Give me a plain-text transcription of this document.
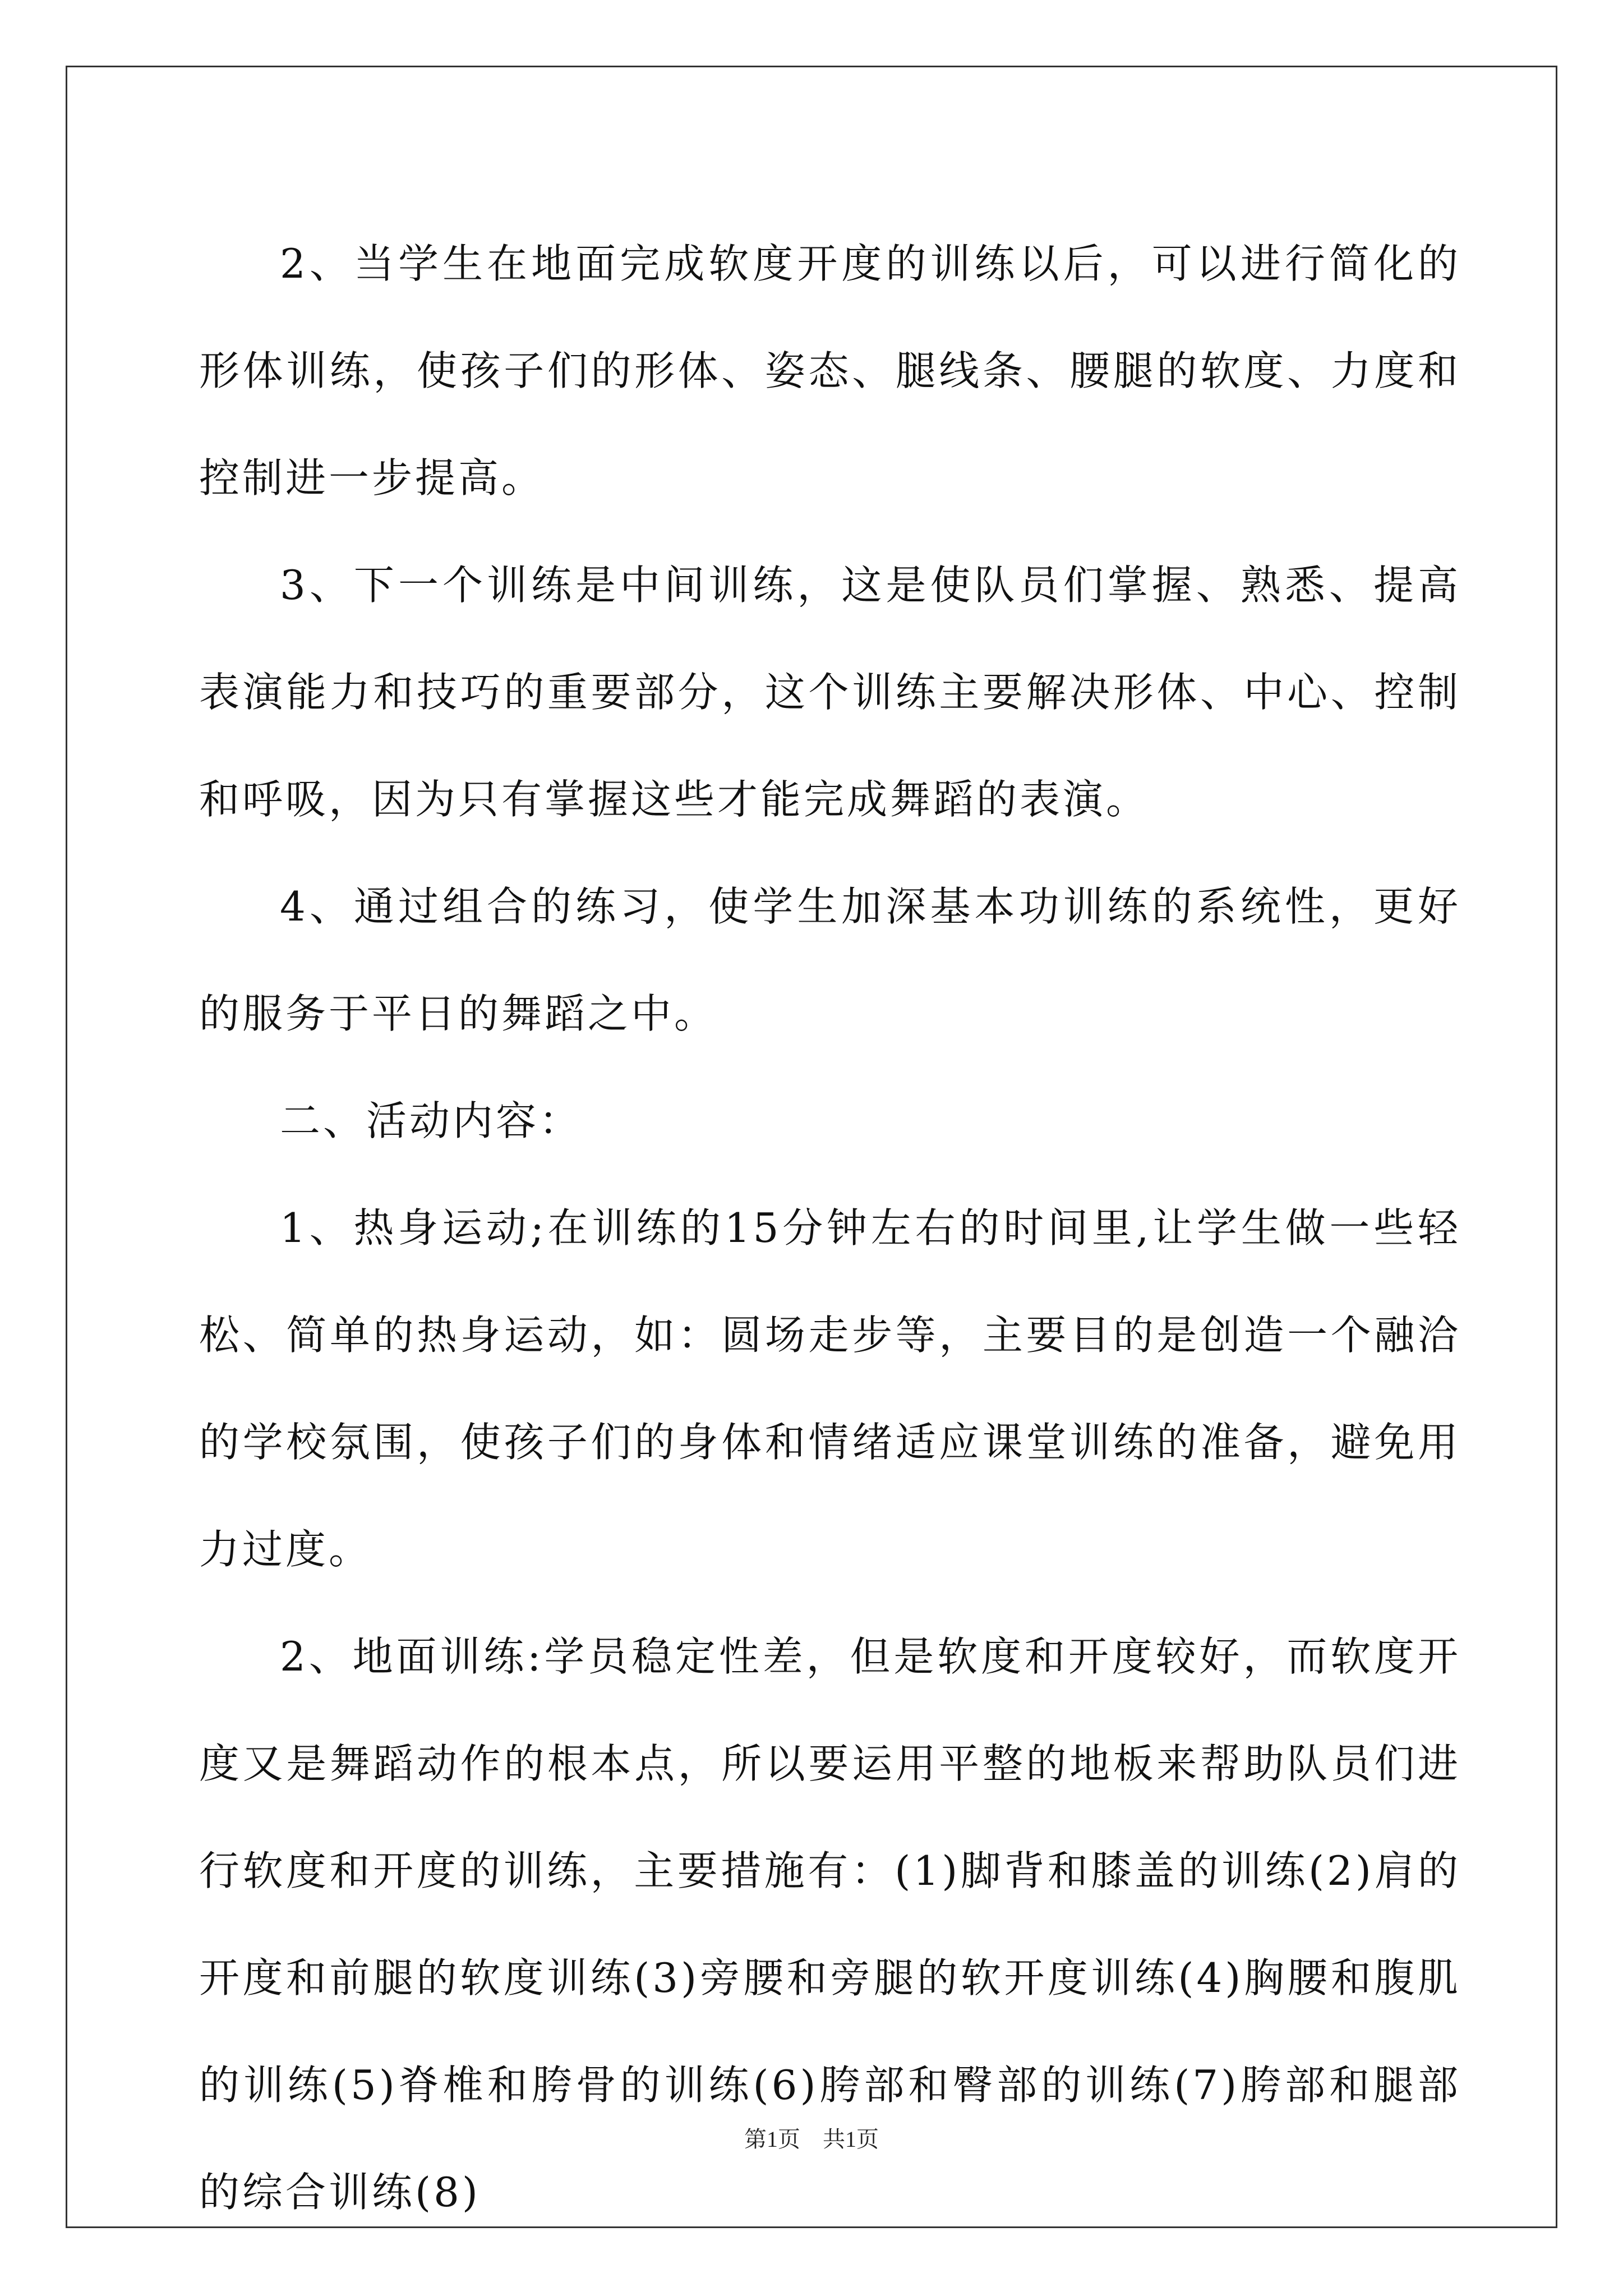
2、当学生在地面完成软度开度的训练以后，可以进行简化的形体训练，使孩子们的形体、姿态、腿线条、腰腿的软度、力度和控制进一步提高。

3、下一个训练是中间训练，这是使队员们掌握、熟悉、提高表演能力和技巧的重要部分，这个训练主要解决形体、中心、控制和呼吸，因为只有掌握这些才能完成舞蹈的表演。

4、通过组合的练习，使学生加深基本功训练的系统性，更好的服务于平日的舞蹈之中。

二、活动内容：

1、热身运动;在训练的15分钟左右的时间里,让学生做一些轻松、简单的热身运动，如：圆场走步等，主要目的是创造一个融洽的学校氛围，使孩子们的身体和情绪适应课堂训练的准备，避免用力过度。

2、地面训练:学员稳定性差，但是软度和开度较好，而软度开度又是舞蹈动作的根本点，所以要运用平整的地板来帮助队员们进行软度和开度的训练，主要措施有：(1)脚背和膝盖的训练(2)肩的开度和前腿的软度训练(3)旁腰和旁腿的软开度训练(4)胸腰和腹肌的训练(5)脊椎和胯骨的训练(6)胯部和臀部的训练(7)胯部和腿部的综合训练(8)

第1页　共1页
